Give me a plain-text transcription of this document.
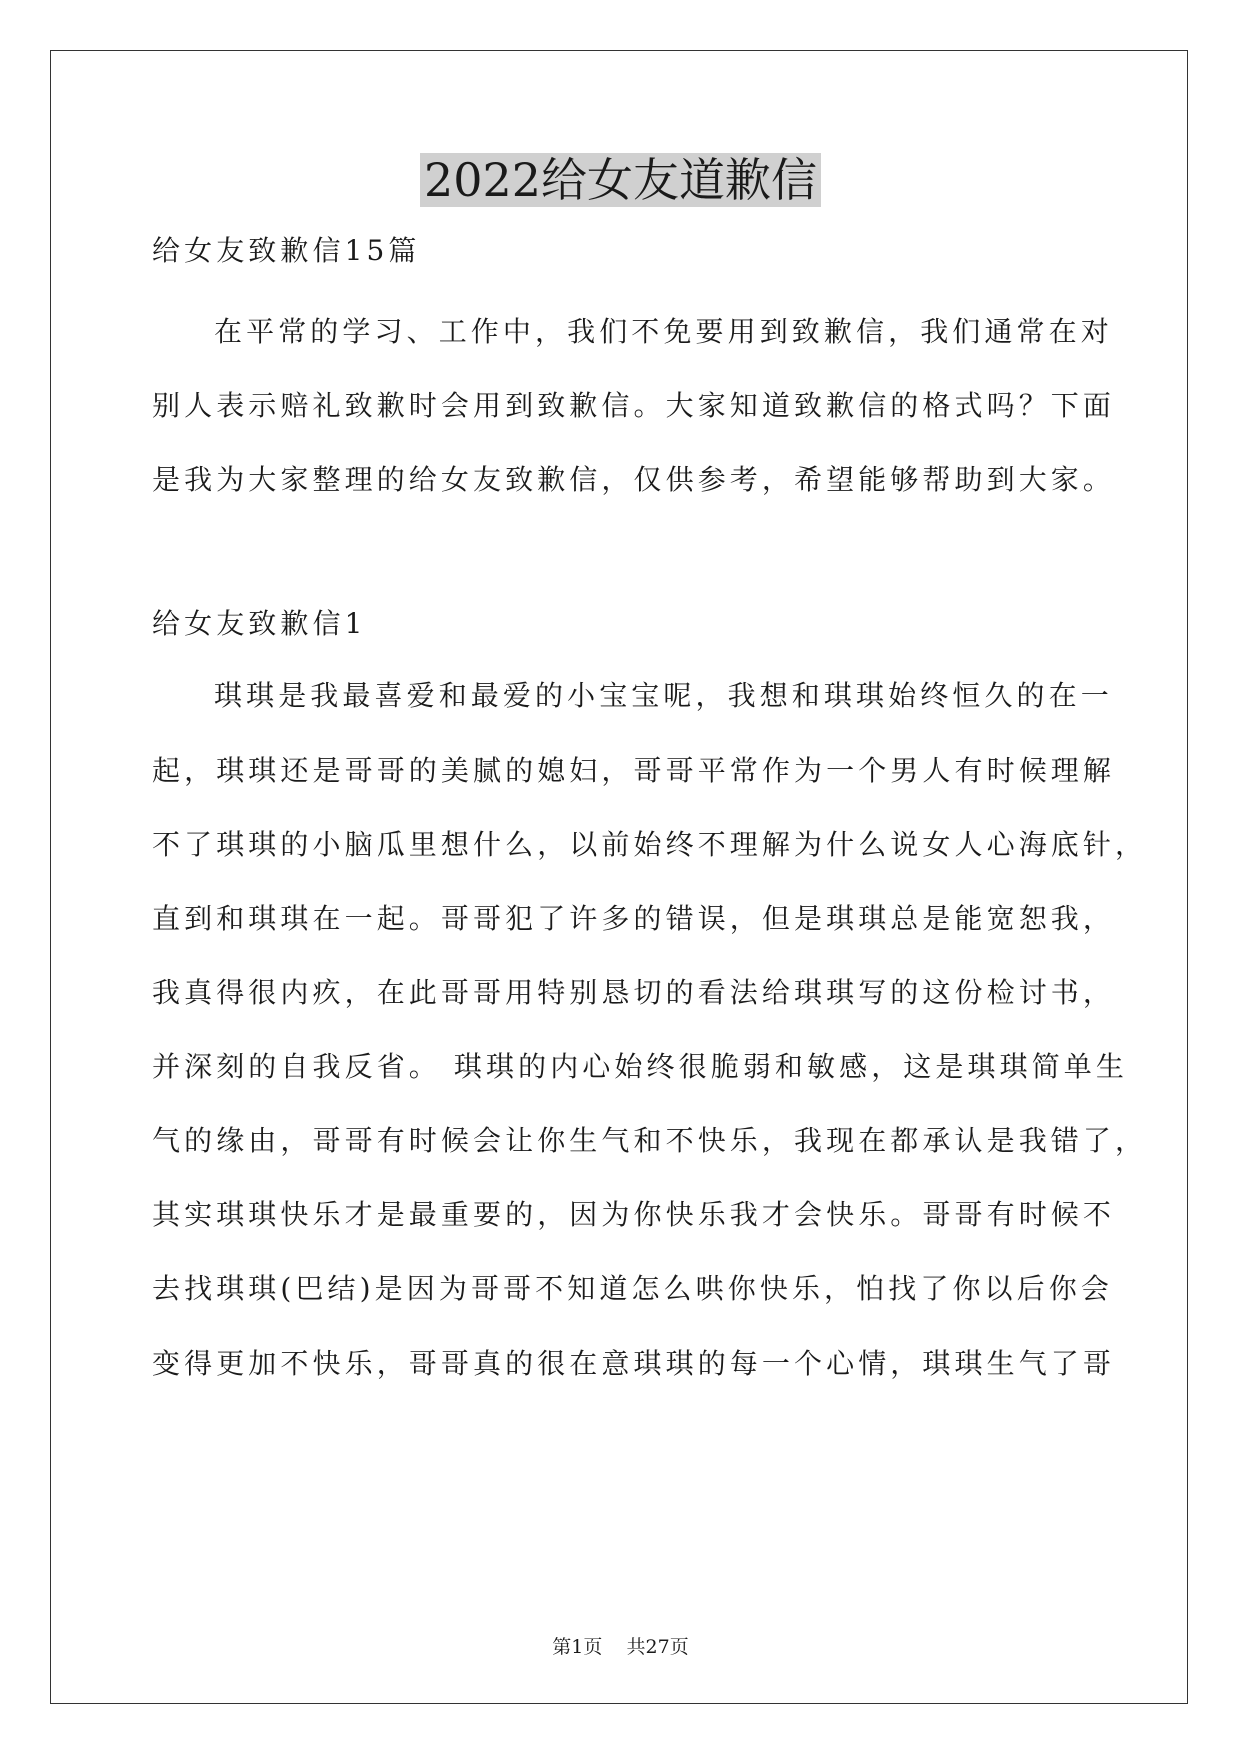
2022给女友道歉信
给女友致歉信15篇
在平常的学习、工作中，我们不免要用到致歉信，我们通常在对
别人表示赔礼致歉时会用到致歉信。大家知道致歉信的格式吗？下面
是我为大家整理的给女友致歉信，仅供参考，希望能够帮助到大家。
给女友致歉信1
琪琪是我最喜爱和最爱的小宝宝呢，我想和琪琪始终恒久的在一
起，琪琪还是哥哥的美腻的媳妇，哥哥平常作为一个男人有时候理解
不了琪琪的小脑瓜里想什么，以前始终不理解为什么说女人心海底针，
直到和琪琪在一起。哥哥犯了许多的错误，但是琪琪总是能宽恕我，
我真得很内疚，在此哥哥用特别恳切的看法给琪琪写的这份检讨书，
并深刻的自我反省。 琪琪的内心始终很脆弱和敏感，这是琪琪简单生
气的缘由，哥哥有时候会让你生气和不快乐，我现在都承认是我错了，
其实琪琪快乐才是最重要的，因为你快乐我才会快乐。哥哥有时候不
去找琪琪(巴结)是因为哥哥不知道怎么哄你快乐，怕找了你以后你会
变得更加不快乐，哥哥真的很在意琪琪的每一个心情，琪琪生气了哥
第1页    共27页
